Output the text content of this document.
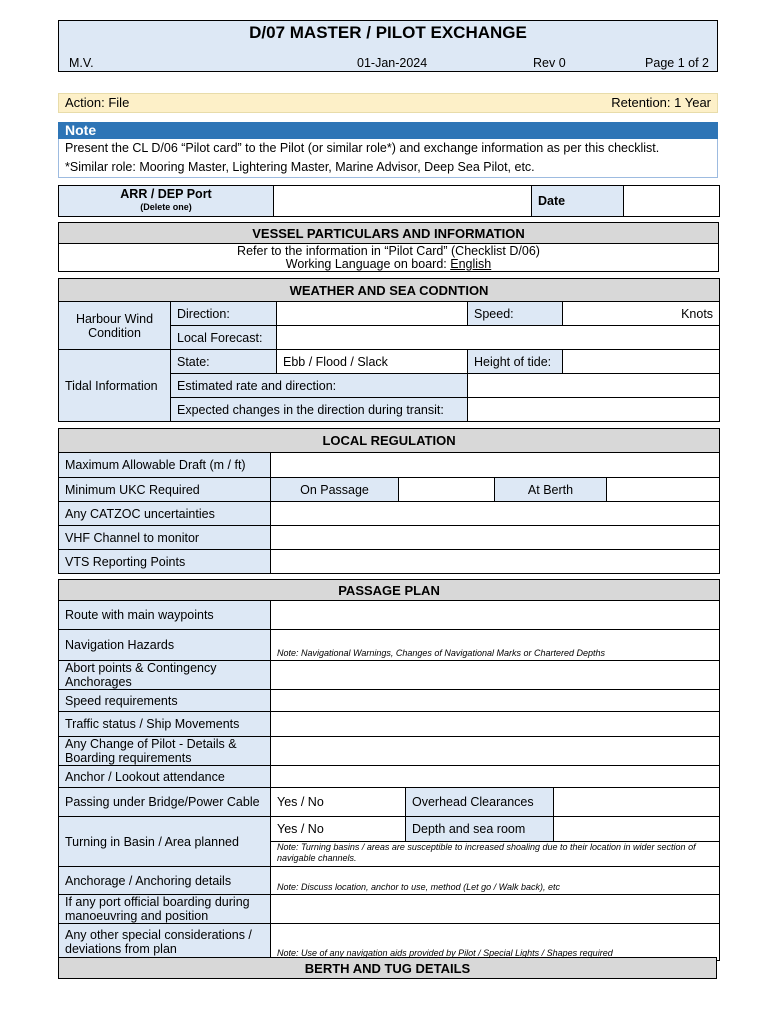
D/07 MASTER / PILOT EXCHANGE
M.V.	01-Jan-2024	Rev 0	Page 1 of 2
Action: File	Retention: 1 Year
Note
Present the CL D/06 “Pilot card” to the Pilot (or similar role*) and exchange information as per this checklist.
*Similar role: Mooring Master, Lightering Master, Marine Advisor, Deep Sea Pilot, etc.
ARR / DEP Port
(Delete one)		Date	
VESSEL PARTICULARS AND INFORMATION

Refer to the information in “Pilot Card” (Checklist D/06)
Working Language on board: English
WEATHER AND SEA CODNTION				
Harbour Wind Condition	Direction:		Speed:	Knots
	Local Forecast:			
Tidal Information	State:	Ebb / Flood / Slack	Height of tide:	
	Estimated rate and direction:			
	Expected changes in the direction during transit:			
LOCAL REGULATION				
Maximum Allowable Draft (m / ft)				
Minimum UKC Required	On Passage		At Berth	
Any CATZOC uncertainties				
VHF Channel to monitor				
VTS Reporting Points				
PASSAGE PLAN			
Route with main waypoints			
Navigation Hazards	Note: Navigational Warnings, Changes of Navigational Marks or Chartered Depths		
Abort points & Contingency Anchorages			
Speed requirements			
Traffic status / Ship Movements			
Any Change of Pilot - Details & Boarding requirements			
Anchor / Lookout attendance			
Passing under Bridge/Power Cable	Yes / No	Overhead Clearances	
Turning in Basin / Area planned	Yes / No	Depth and sea room	
	Note: Turning basins / areas are susceptible to increased shoaling due to their location in wider section of navigable channels.		
Anchorage / Anchoring details	Note: Discuss location, anchor to use, method (Let go / Walk back), etc		
If any port official boarding during manoeuvring and position			
Any other special considerations / deviations from plan	Note: Use of any navigation aids provided by Pilot / Special Lights / Shapes required		
BERTH AND TUG DETAILS
